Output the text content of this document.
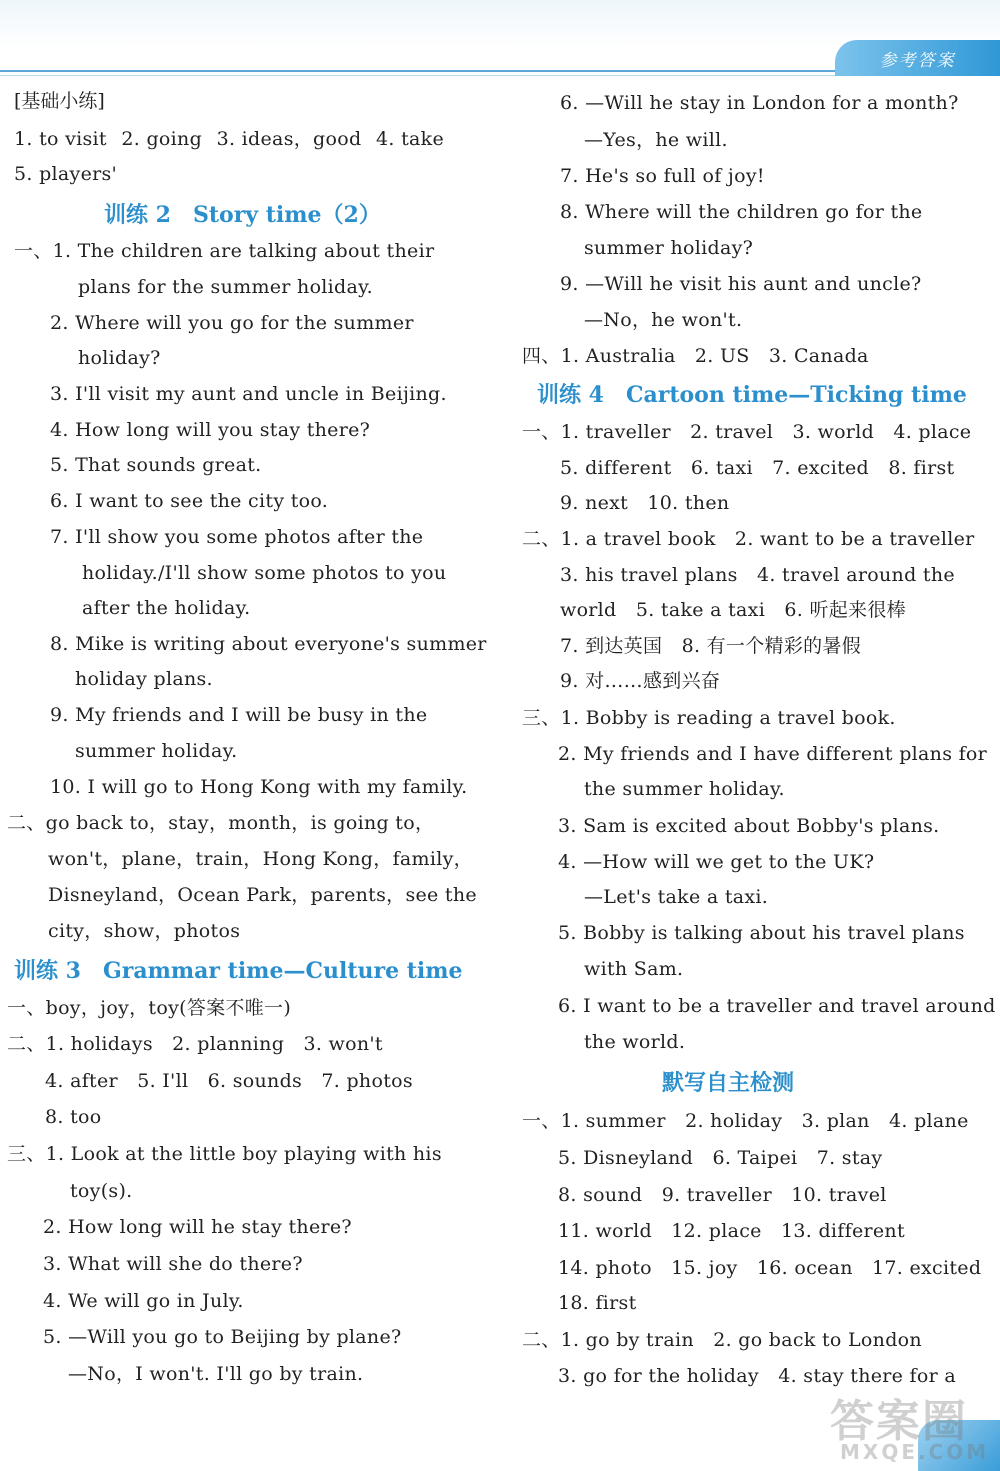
参考答案
[基础小练]
1. to visit 2. going 3. ideas，good 4. take
5. players'
训练 2　Story time（2）
一、1. The children are talking about their
plans for the summer holiday.
2. Where will you go for the summer
holiday?
3. I'll visit my aunt and uncle in Beijing.
4. How long will you stay there?
5. That sounds great.
6. I want to see the city too.
7. I'll show you some photos after the
holiday./I'll show some photos to you
after the holiday.
8. Mike is writing about everyone's summer
holiday plans.
9. My friends and I will be busy in the
summer holiday.
10. I will go to Hong Kong with my family.
二、go back to，stay，month，is going to，
won't，plane，train，Hong Kong，family，
Disneyland，Ocean Park，parents，see the
city，show，photos
训练 3　Grammar time—Culture time
一、boy，joy，toy(答案不唯一)
二、1. holidays　2. planning　3. won't
4. after　5. I'll　6. sounds　7. photos
8. too
三、1. Look at the little boy playing with his
toy(s).
2. How long will he stay there?
3. What will she do there?
4. We will go in July.
5. —Will you go to Beijing by plane?
—No，I won't. I'll go by train.
6. —Will he stay in London for a month?
—Yes，he will.
7. He's so full of joy!
8. Where will the children go for the
summer holiday?
9. —Will he visit his aunt and uncle?
—No，he won't.
四、1. Australia　2. US　3. Canada
训练 4　Cartoon time—Ticking time
一、1. traveller　2. travel　3. world　4. place
5. different　6. taxi　7. excited　8. first
9. next　10. then
二、1. a travel book　2. want to be a traveller
3. his travel plans　4. travel around the
world　5. take a taxi　6. 听起来很棒
7. 到达英国　8. 有一个精彩的暑假
9. 对……感到兴奋
三、1. Bobby is reading a travel book.
2. My friends and I have different plans for
the summer holiday.
3. Sam is excited about Bobby's plans.
4. —How will we get to the UK?
—Let's take a taxi.
5. Bobby is talking about his travel plans
with Sam.
6. I want to be a traveller and travel around
the world.
默写自主检测
一、1. summer　2. holiday　3. plan　4. plane
5. Disneyland　6. Taipei　7. stay
8. sound　9. traveller　10. travel
11. world　12. place　13. different
14. photo　15. joy　16. ocean　17. excited
18. first
二、1. go by train　2. go back to London
3. go for the holiday　4. stay there for a
答案圈
MXQE.COM
